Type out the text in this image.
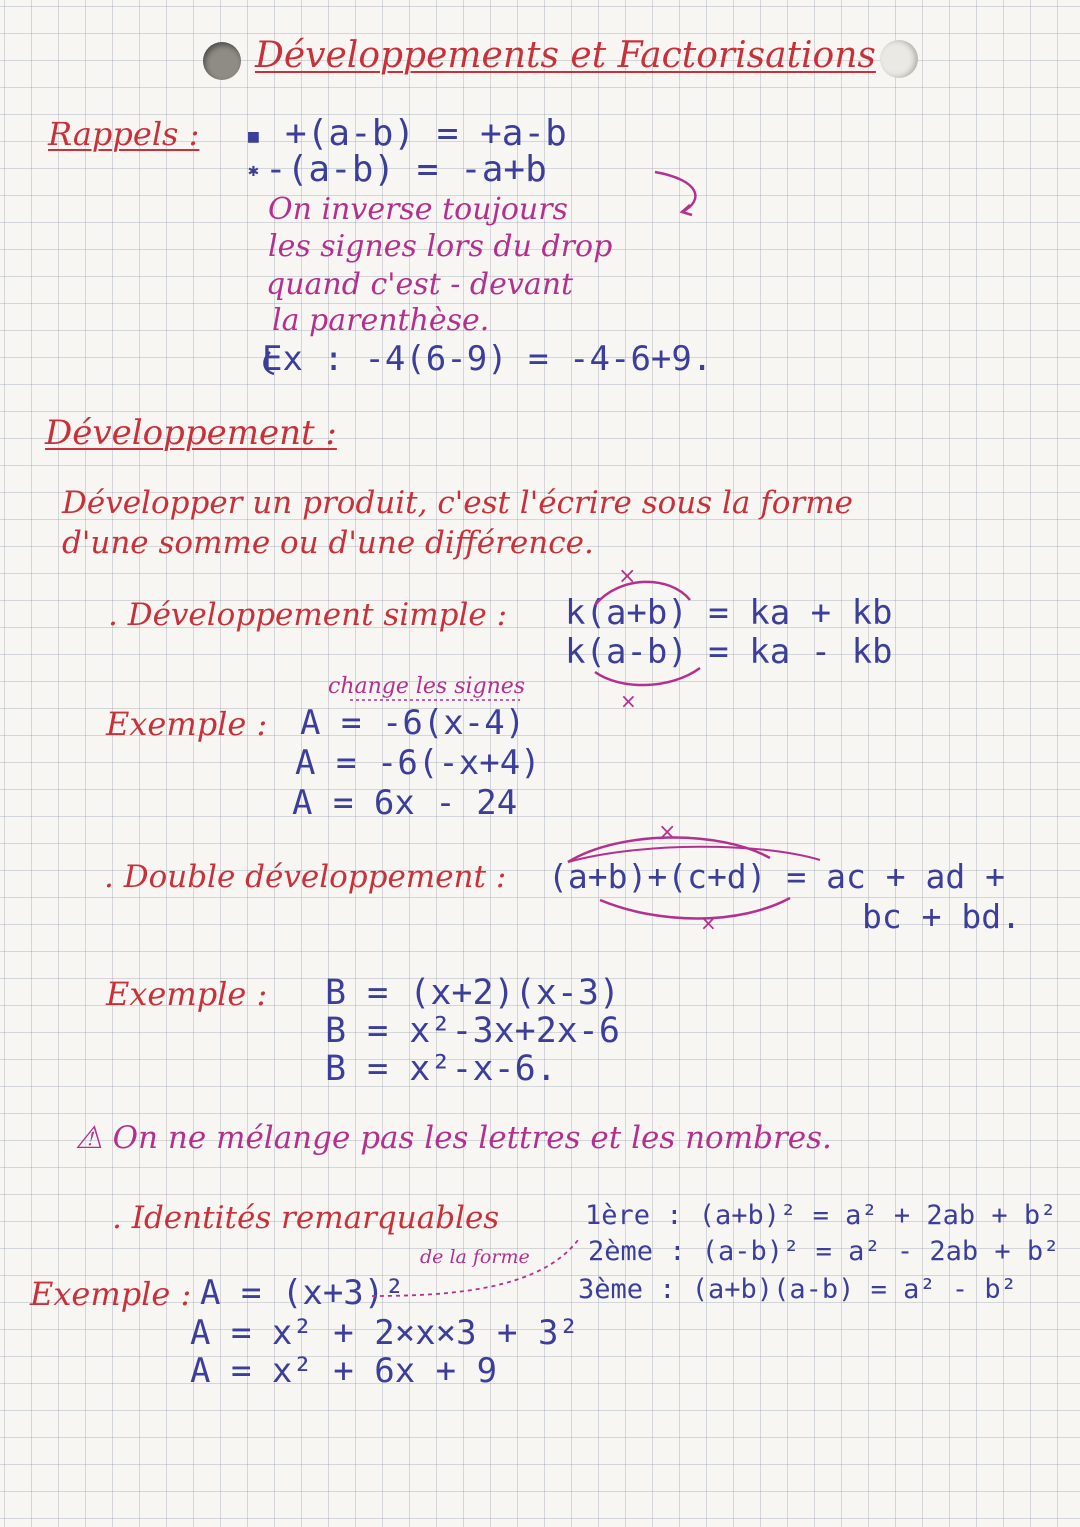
Développements et Factorisations
Rappels :	■ +(a-b) = +a-b
✱ -(a-b) = -a+b
On inverse toujours
les signes lors du drop
quand c'est - devant
la parenthèse.
Ex : -4(6-9) = -4-6+9.
Développement :
Développer un produit, c'est l'écrire sous la forme
d'une somme ou d'une différence.
×
. Développement simple : k(a+b) = ka + kb
k(a-b) = ka - kb
change les signes
Exemple : A = -6(x-4)
A = -6(-x+4)
A = 6x - 24
×
. Double développement : (a+b)+(c+d) = ac + ad +
bc + bd.
Exemple : B = (x+2)(x-3)
B = x²-3x+2x-6
B = x²-x-6.
⚠ On ne mélange pas les lettres et les nombres.
. Identités remarquables	1ère : (a+b)² = a² + 2ab + b²
2ème : (a-b)² = a² - 2ab + b²
3ème : (a+b)(a-b) = a² - b²
de la forme
Exemple : A = (x+3)²
A = x² + 2×x×3 + 3²
A = x² + 6x + 9
×
×
